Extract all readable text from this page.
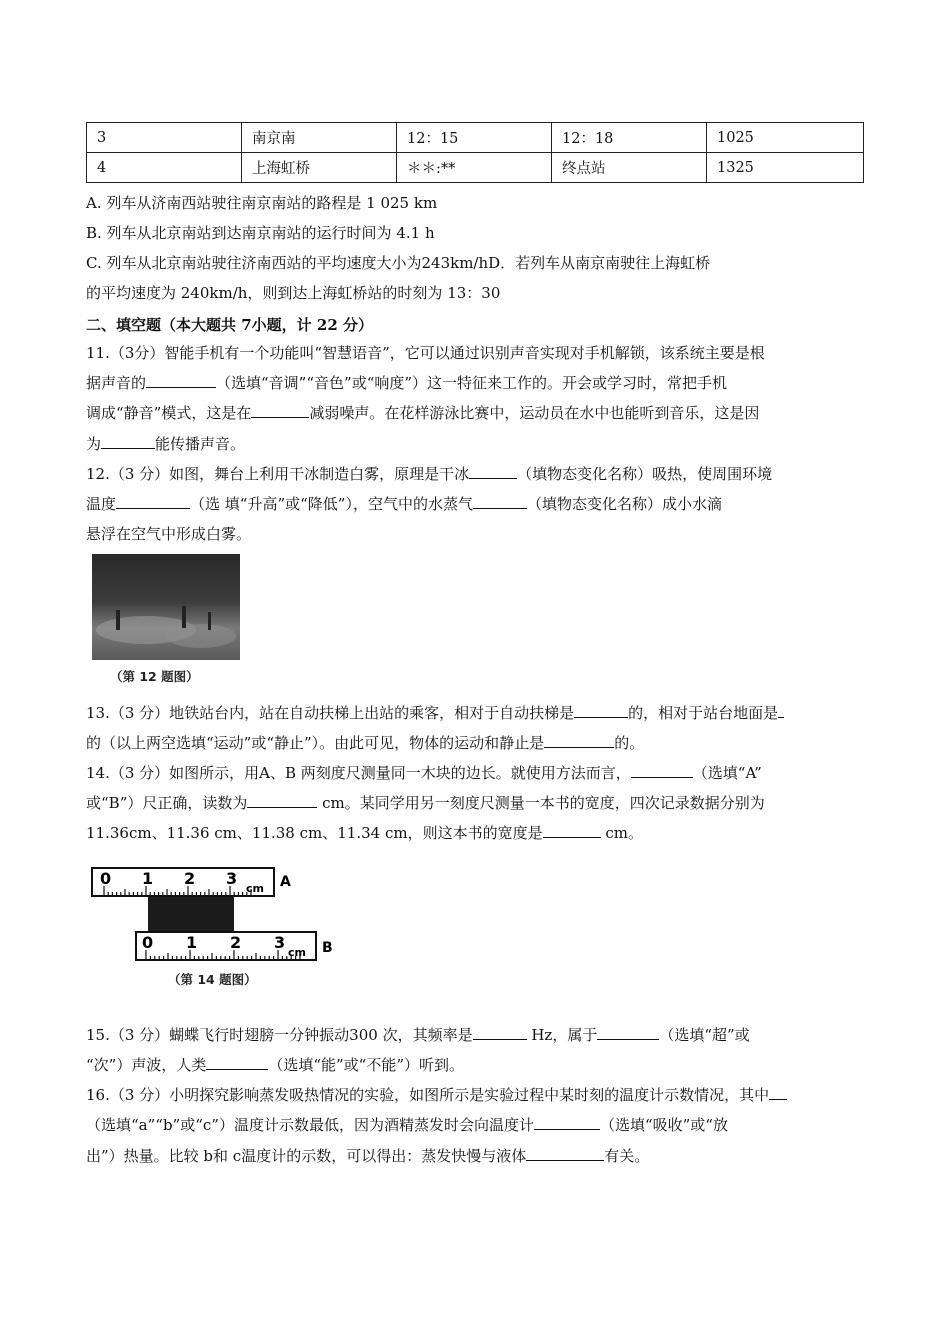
3	南京南	12：15	12：18	1025
4	上海虹桥	＊＊:**	终点站	1325
A. 列车从济南西站驶往南京南站的路程是 1 025 km
B. 列车从北京南站到达南京南站的运行时间为 4.1 h
C. 列车从北京南站驶往济南西站的平均速度大小为243km/hD．若列车从南京南驶往上海虹桥
的平均速度为 240km/h，则到达上海虹桥站的时刻为 13：30
二、填空题（本大题共 7小题，计 22 分）
11.（3分）智能手机有一个功能叫“智慧语音”，它可以通过识别声音实现对手机解锁，该系统主要是根
据声音的	（选填“音调”“音色”或“响度”）这一特征来工作的。开会或学习时，常把手机
调成“静音”模式，这是在	减弱噪声。在花样游泳比赛中，运动员在水中也能听到音乐，这是因
为	能传播声音。
12.（3 分）如图，舞台上利用干冰制造白雾，原理是干冰	（填物态变化名称）吸热，使周围环境
温度	（选 填“升高”或“降低”），空气中的水蒸气	（填物态变化名称）成小水滴
悬浮在空气中形成白雾。
（第 12 题图）
13.（3 分）地铁站台内，站在自动扶梯上出站的乘客，相对于自动扶梯是	的，相对于站台地面是
的（以上两空选填“运动”或“静止”）。由此可见，物体的运动和静止是	的。
14.（3 分）如图所示，用A、B 两刻度尺测量同一木块的边长。就使用方法而言，	（选填“A”
或“B”）尺正确，读数为	cm。某同学用另一刻度尺测量一本书的宽度，四次记录数据分别为
11.36cm、11.36 cm、11.38 cm、11.34 cm，则这本书的宽度是	cm。
0 1 2 3
cm A
0 1 2 3
cm B
（第 14 题图）
15.（3 分）蝴蝶飞行时翅膀一分钟振动300 次，其频率是	Hz，属于	（选填“超”或
“次”）声波，人类	（选填“能”或“不能”）听到。
16.（3 分）小明探究影响蒸发吸热情况的实验，如图所示是实验过程中某时刻的温度计示数情况，其中
（选填“a”“b”或“c”）温度计示数最低，因为酒精蒸发时会向温度计	（选填“吸收”或“放
出”）热量。比较 b和 c温度计的示数，可以得出：蒸发快慢与液体	有关。
